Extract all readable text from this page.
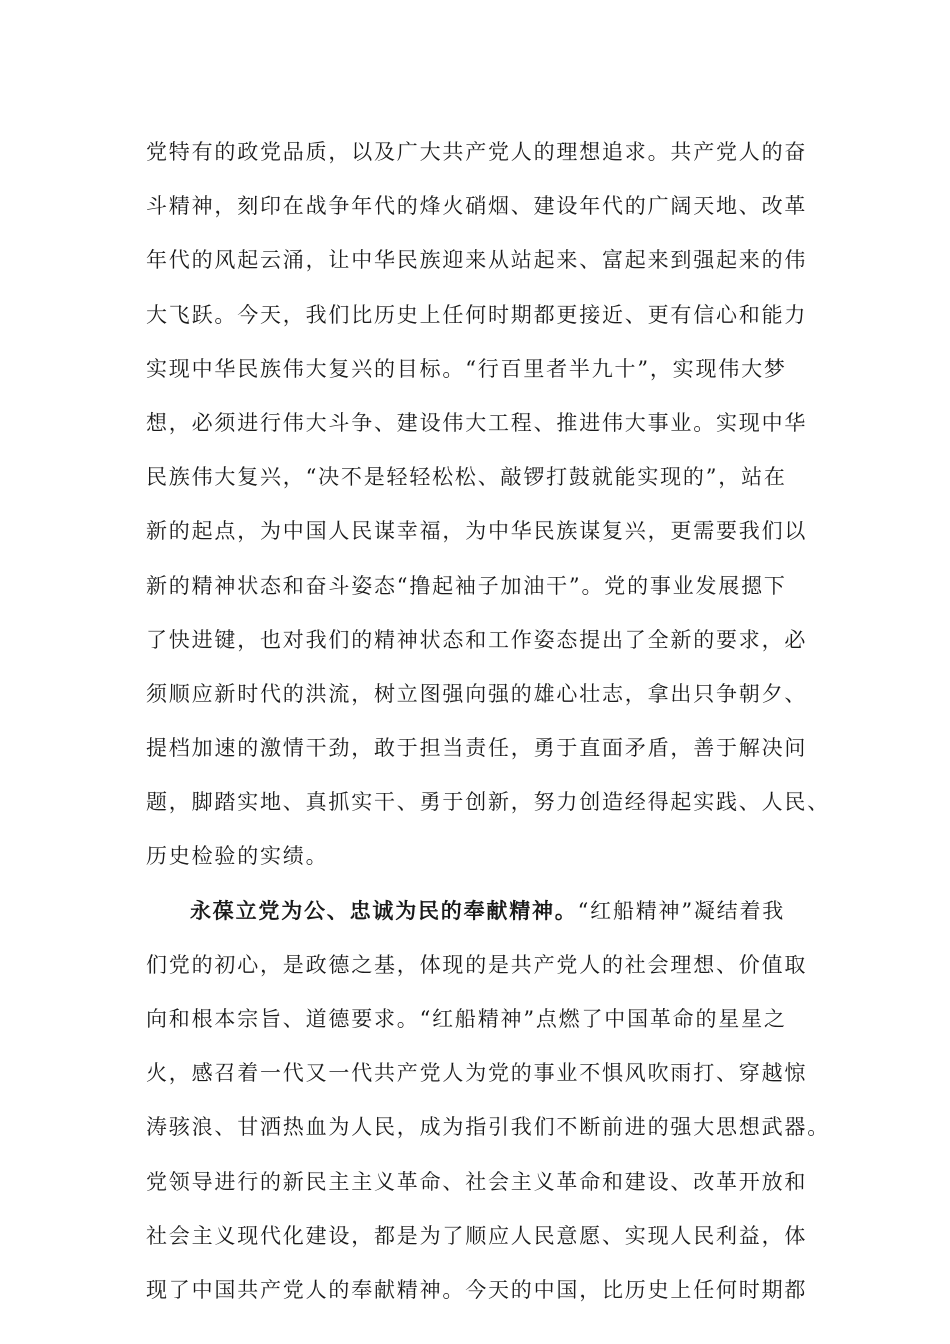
党特有的政党品质，以及广大共产党人的理想追求。共产党人的奋
斗精神，刻印在战争年代的烽火硝烟、建设年代的广阔天地、改革
年代的风起云涌，让中华民族迎来从站起来、富起来到强起来的伟
大飞跃。今天，我们比历史上任何时期都更接近、更有信心和能力
实现中华民族伟大复兴的目标。“行百里者半九十”，实现伟大梦
想，必须进行伟大斗争、建设伟大工程、推进伟大事业。实现中华
民族伟大复兴，“决不是轻轻松松、敲锣打鼓就能实现的”，站在
新的起点，为中国人民谋幸福，为中华民族谋复兴，更需要我们以
新的精神状态和奋斗姿态“撸起袖子加油干”。党的事业发展摁下
了快进键，也对我们的精神状态和工作姿态提出了全新的要求，必
须顺应新时代的洪流，树立图强向强的雄心壮志，拿出只争朝夕、
提档加速的激情干劲，敢于担当责任，勇于直面矛盾，善于解决问
题，脚踏实地、真抓实干、勇于创新，努力创造经得起实践、人民、
历史检验的实绩。
永葆立党为公、忠诚为民的奉献精神。“红船精神”凝结着我
们党的初心，是政德之基，体现的是共产党人的社会理想、价值取
向和根本宗旨、道德要求。“红船精神”点燃了中国革命的星星之
火，感召着一代又一代共产党人为党的事业不惧风吹雨打、穿越惊
涛骇浪、甘洒热血为人民，成为指引我们不断前进的强大思想武器。
党领导进行的新民主主义革命、社会主义革命和建设、改革开放和
社会主义现代化建设，都是为了顺应人民意愿、实现人民利益，体
现了中国共产党人的奉献精神。今天的中国，比历史上任何时期都
